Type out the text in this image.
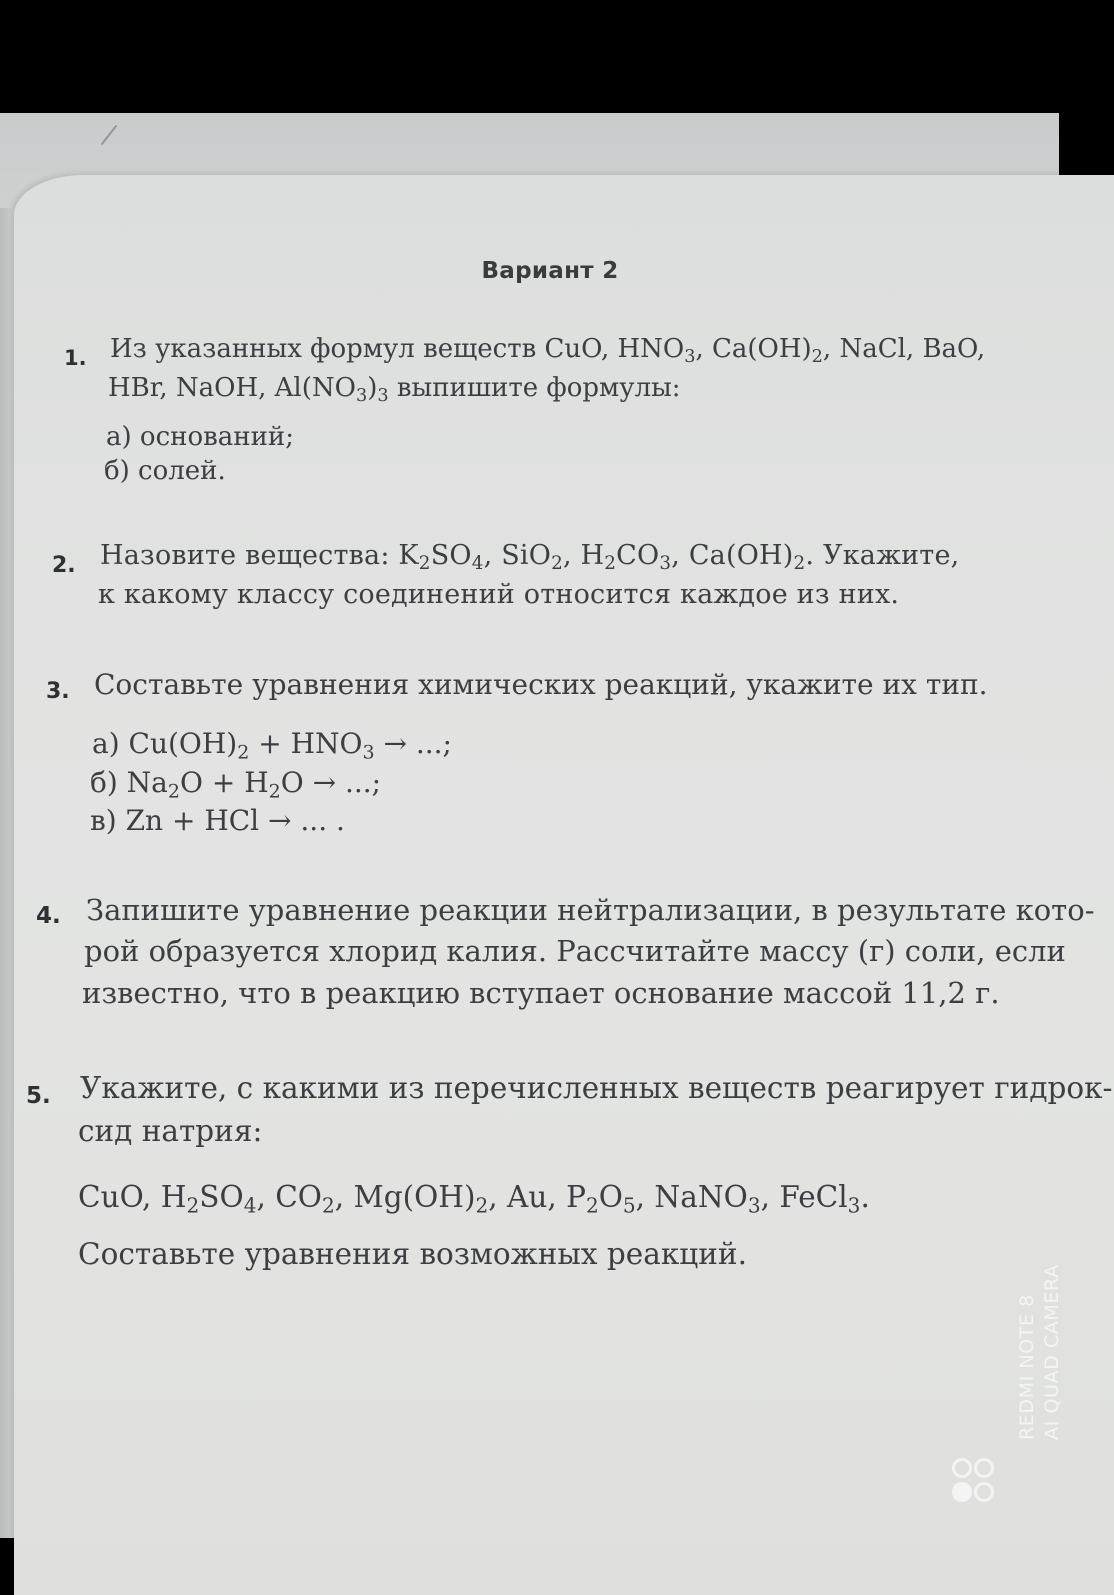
Вариант 2
1. Из указанных формул веществ CuO, $HNO_3$, $Ca(OH)_2$, NaCl, BaO,
HBr, NaOH, $Al(NO_3)_3$ выпишите формулы:
а) оснований;
б) солей.
2. Назовите вещества: $K_2SO_4$, SiO$_2$, $H_2CO_3$, $Ca(OH)_2$. Укажите,
к какому классу соединений относится каждое из них.
3. Составьте уравнения химических реакций, укажите их тип.
а) $Cu(OH)_2 + HNO_3$ → ...;
б) $Na_2O + H_2O$ → ...;
в) Zn + HCl → ... .
4. Запишите уравнение реакции нейтрализации, в результате кото-
рой образуется хлорид калия. Рассчитайте массу (г) соли, если
известно, что в реакцию вступает основание массой 11,2 г.
5. Укажите, с какими из перечисленных веществ реагирует гидрок-
сид натрия:
CuO, $H_2SO_4$, $CO_2$, $Mg(OH)_2$, Au, $P_2O_5$, NaNO$_3$, FeCl$_3$.
Составьте уравнения возможных реакций.
REDMI NOTE 8 AI QUAD CAMERA
